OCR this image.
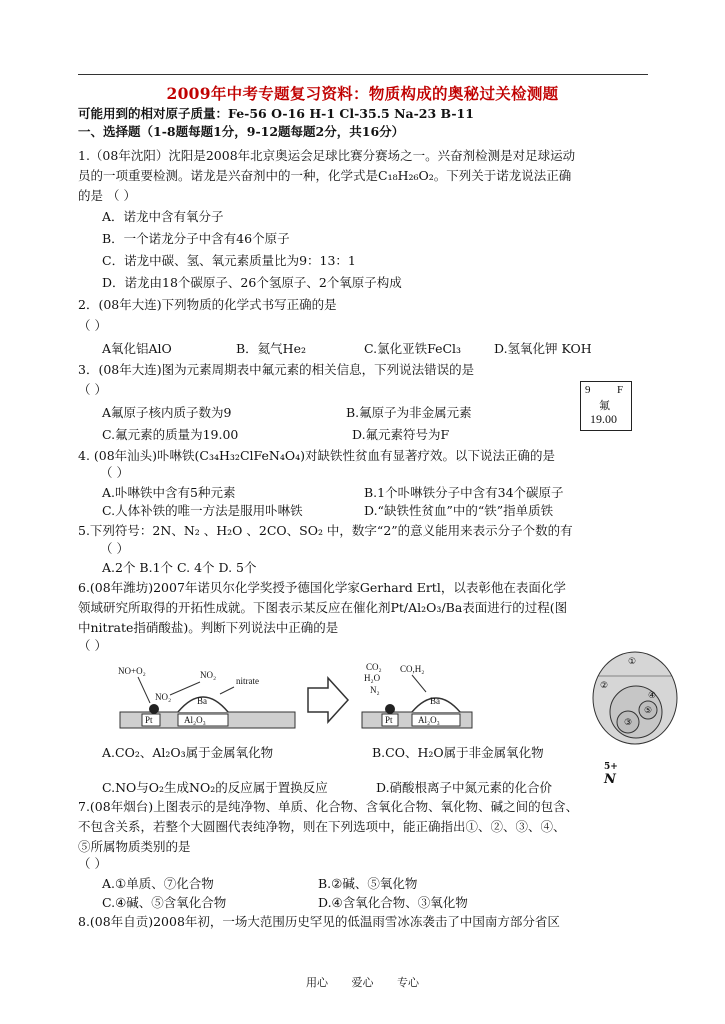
2009年中考专题复习资料：物质构成的奥秘过关检测题
可能用到的相对原子质量：Fe-56 O-16 H-1 Cl-35.5 Na-23 B-11
一、选择题（1-8题每题1分，9-12题每题2分，共16分）
1.（08年沈阳）沈阳是2008年北京奥运会足球比赛分赛场之一。兴奋剂检测是对足球运动
员的一项重要检测。诺龙是兴奋剂中的一种，化学式是C₁₈H₂₆O₂。下列关于诺龙说法正确
的是 （ ）
A．诺龙中含有氧分子
B．一个诺龙分子中含有46个原子
C．诺龙中碳、氢、氧元素质量比为9：13：1
D．诺龙由18个碳原子、26个氢原子、2个氧原子构成
2．(08年大连)下列物质的化学式书写正确的是
（ ）
A氧化铝AlO	B．氦气He₂	C.氯化亚铁FeCl₃	D.氢氧化钾 KOH
3．(08年大连)图为元素周期表中氟元素的相关信息，下列说法错误的是
（ ）	9 F
氟
19.00
A氟原子核内质子数为9	B.氟原子为非金属元素
C.氟元素的质量为19.00	D.氟元素符号为F
4. (08年汕头)卟啉铁(C₃₄H₃₂ClFeN₄O₄)对缺铁性贫血有显著疗效。以下说法正确的是
（ ）
A.卟啉铁中含有5种元素	B.1个卟啉铁分子中含有34个碳原子
C.人体补铁的唯一方法是服用卟啉铁	D.“缺铁性贫血”中的“铁”指单质铁
5.下列符号：2N、N₂ 、H₂O 、2CO、SO₂ 中，数字“2”的意义能用来表示分子个数的有
（ ）
A.2个 B.1个 C. 4个 D. 5个
6.(08年潍坊)2007年诺贝尔化学奖授予德国化学家Gerhard Ertl，以表彰他在表面化学
领域研究所取得的开拓性成就。下图表示某反应在催化剂Pt/Al₂O₃/Ba表面进行的过程(图
中nitrate指硝酸盐)。判断下列说法中正确的是
（ ）
Pt	Al₂O₃
Ba
NO+O₂
NO₂
NO₂
nitrate
Pt	Al₂O₃
Ba
CO₂
H₂O
N₂
CO,H₂
①
②
④
③
⑤
A.CO₂、Al₂O₃属于金属氧化物	B.CO、H₂O属于非金属氧化物
C.NO与O₂生成NO₂的反应属于置换反应	D.硝酸根离子中氮元素的化合价
5+
N
7.(08年烟台)上图表示的是纯净物、单质、化合物、含氧化合物、氧化物、碱之间的包含、
不包含关系，若整个大圆圈代表纯净物，则在下列选项中，能正确指出①、②、③、④、
⑤所属物质类别的是
（ ）
A.①单质、⑦化合物	B.②碱、⑤氧化物
C.④碱、⑤含氧化合物	D.④含氧化合物、③氧化物
8.(08年自贡)2008年初，一场大范围历史罕见的低温雨雪冰冻袭击了中国南方部分省区
用心 爱心 专心
